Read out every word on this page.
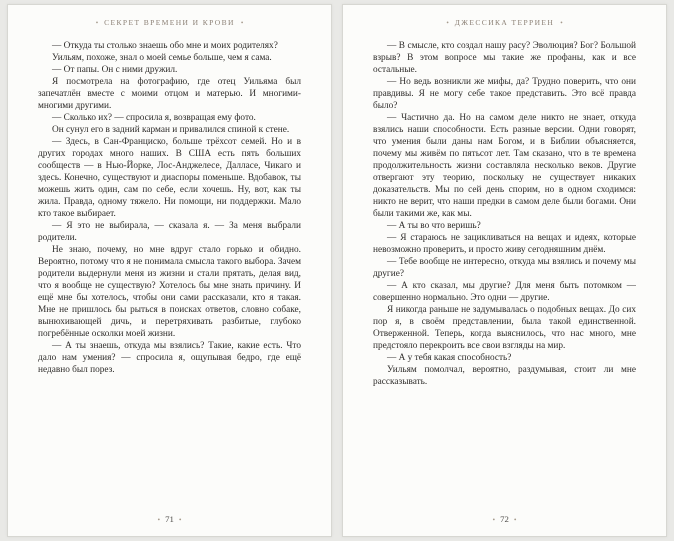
• СЕКРЕТ ВРЕМЕНИ И КРОВИ •

— Откуда ты столько знаешь обо мне и моих родителях?

Уильям, похоже, знал о моей семье больше, чем я сама.

— От папы. Он с ними дружил.

Я посмотрела на фотографию, где отец Уильяма был запечатлён вместе с моими отцом и матерью. И многими-многими другими.

— Сколько их? — спросила я, возвращая ему фото.

Он сунул его в задний карман и привалился спиной к стене.

— Здесь, в Сан-Франциско, больше трёхсот семей. Но и в других городах много наших. В США есть пять больших сообществ — в Нью-Йорке, Лос-Анджелесе, Далласе, Чикаго и здесь. Конечно, существуют и диаспоры поменьше. Вдобавок, ты можешь жить один, сам по себе, если хочешь. Ну, вот, как ты жила. Правда, одному тяжело. Ни помощи, ни поддержки. Мало кто такое выбирает.

— Я это не выбирала, — сказала я. — За меня выбрали родители.

Не знаю, почему, но мне вдруг стало горько и обидно. Вероятно, потому что я не понимала смысла такого выбора. Зачем родители выдернули меня из жизни и стали прятать, делая вид, что я вообще не существую? Хотелось бы мне знать причину. И ещё мне бы хотелось, чтобы они сами рассказали, кто я такая. Мне не пришлось бы рыться в поисках ответов, словно собаке, вынюхивающей дичь, и перетряхивать разбитые, глубоко погребённые осколки моей жизни.

— А ты знаешь, откуда мы взялись? Такие, какие есть. Что дало нам умения? — спросила я, ощупывая бедро, где ещё недавно был порез.

• 71 •
• ДЖЕССИКА ТЕРРИЕН •

— В смысле, кто создал нашу расу? Эволюция? Бог? Большой взрыв? В этом вопросе мы такие же профаны, как и все остальные.

— Но ведь возникли же мифы, да? Трудно поверить, что они правдивы. Я не могу себе такое представить. Это всё правда было?

— Частично да. Но на самом деле никто не знает, откуда взялись наши способности. Есть разные версии. Одни говорят, что умения были даны нам Богом, и в Библии объясняется, почему мы живём по пятьсот лет. Там сказано, что в те времена продолжительность жизни составляла несколько веков. Другие отвергают эту теорию, поскольку не существует никаких доказательств. Мы по сей день спорим, но в одном сходимся: никто не верит, что наши предки в самом деле были богами. Они были такими же, как мы.

— А ты во что веришь?

— Я стараюсь не зацикливаться на вещах и идеях, которые невозможно проверить, и просто живу сегодняшним днём.

— Тебе вообще не интересно, откуда мы взялись и почему мы другие?

— А кто сказал, мы другие? Для меня быть потомком — совершенно нормально. Это одни — другие.

Я никогда раньше не задумывалась о подобных вещах. До сих пор я, в своём представлении, была такой единственной. Отверженной. Теперь, когда выяснилось, что нас много, мне предстояло перекроить все свои взгляды на мир.

— А у тебя какая способность?

Уильям помолчал, вероятно, раздумывая, стоит ли мне рассказывать.

• 72 •
